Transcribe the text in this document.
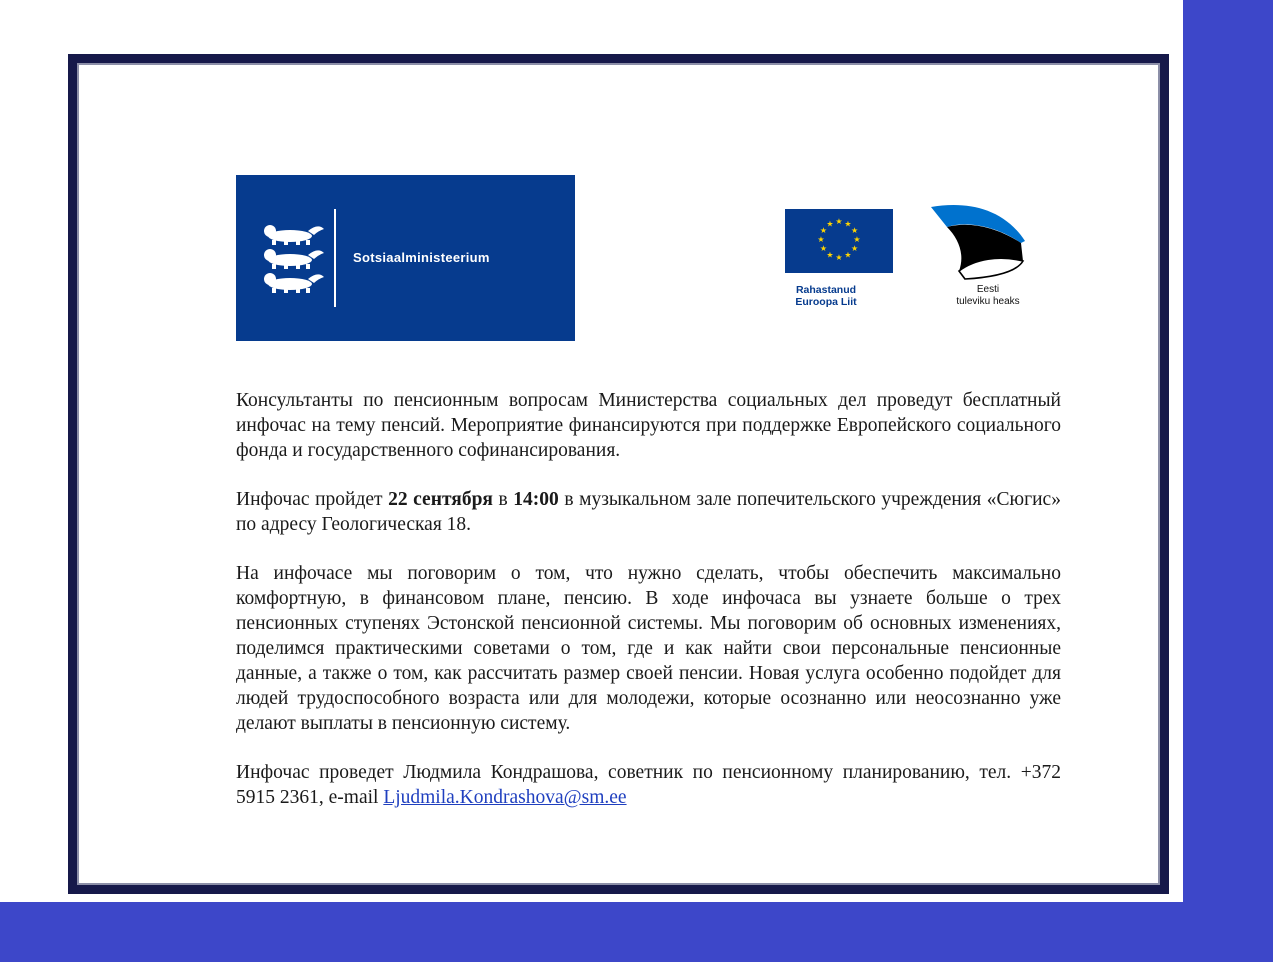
Sotsiaalministeerium
★ ★
★
★
★
★
★
★
★
★
★
★
Rahastanud
Euroopa Liit
Eesti
tuleviku heaks

Консультанты по пенсионным вопросам Министерства социальных дел проведут бесплатный инфочас на тему пенсий. Мероприятие финансируются при поддержке Европейского социального фонда и государственного софинансирования.

Инфочас пройдет 22 сентября в 14:00 в музыкальном зале попечительского учреждения «Сюгис» по адресу Геологическая 18.

На инфочасе мы поговорим о том, что нужно сделать, чтобы обеспечить максимально комфортную, в финансовом плане, пенсию. В ходе инфочаса вы узнаете больше о трех пенсионных ступенях Эстонской пенсионной системы. Мы поговорим об основных изменениях, поделимся практическими советами о том, где и как найти свои персональные пенсионные данные, а также о том, как рассчитать размер своей пенсии. Новая услуга особенно подойдет для людей трудоспособного возраста или для молодежи, которые осознанно или неосознанно уже делают выплаты в пенсионную систему.

Инфочас проведет Людмила Кондрашова, советник по пенсионному планированию, тел. +372 5915 2361, e-mail Ljudmila.Kondrashova@sm.ee
